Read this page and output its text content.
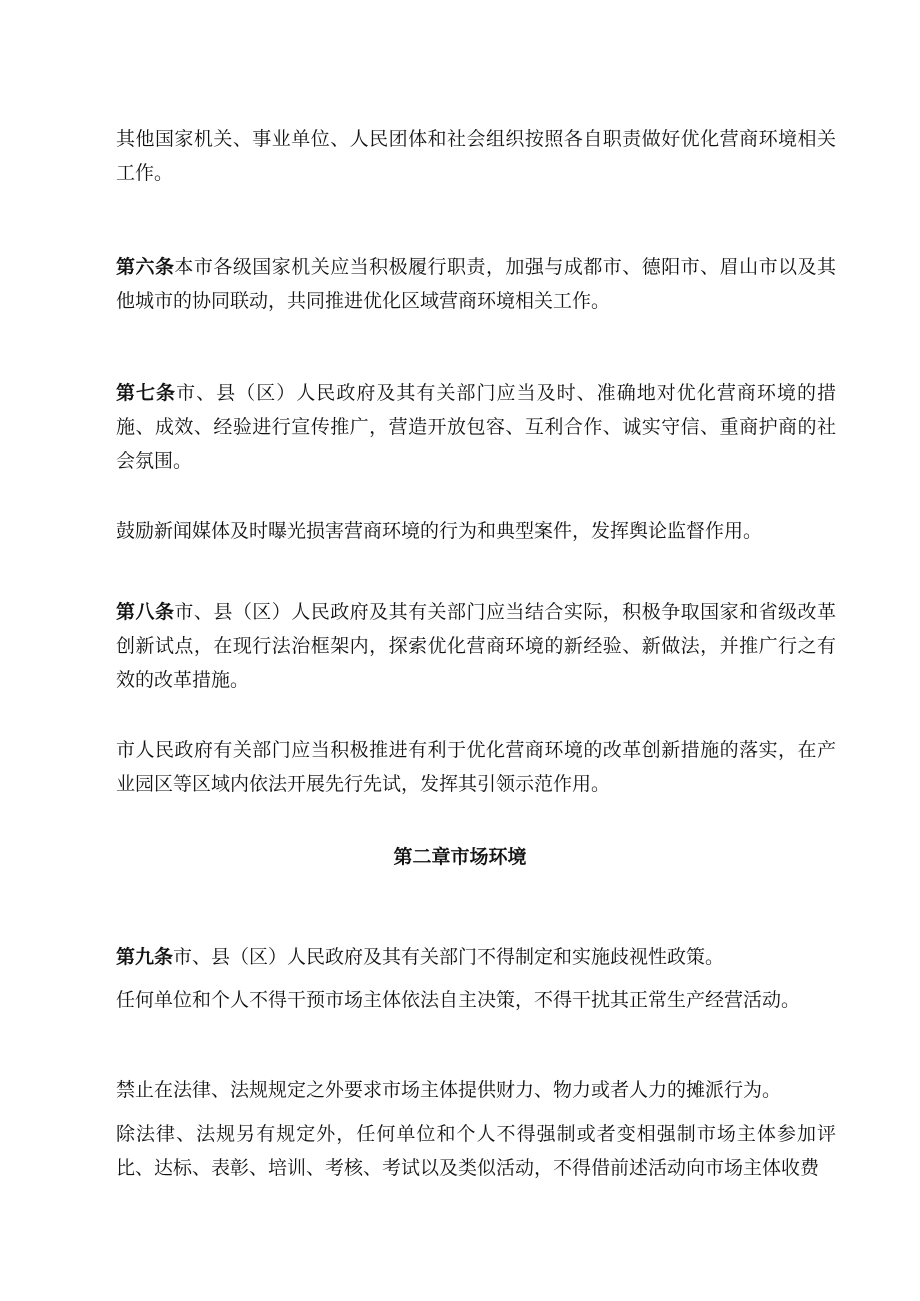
其他国家机关、事业单位、人民团体和社会组织按照各自职责做好优化营商环境相关工作。

第六条本市各级国家机关应当积极履行职责，加强与成都市、德阳市、眉山市以及其他城市的协同联动，共同推进优化区域营商环境相关工作。

第七条市、县（区）人民政府及其有关部门应当及时、准确地对优化营商环境的措施、成效、经验进行宣传推广，营造开放包容、互利合作、诚实守信、重商护商的社会氛围。

鼓励新闻媒体及时曝光损害营商环境的行为和典型案件，发挥舆论监督作用。

第八条市、县（区）人民政府及其有关部门应当结合实际，积极争取国家和省级改革创新试点，在现行法治框架内，探索优化营商环境的新经验、新做法，并推广行之有效的改革措施。

市人民政府有关部门应当积极推进有利于优化营商环境的改革创新措施的落实，在产业园区等区域内依法开展先行先试，发挥其引领示范作用。

第二章市场环境

第九条市、县（区）人民政府及其有关部门不得制定和实施歧视性政策。

任何单位和个人不得干预市场主体依法自主决策，不得干扰其正常生产经营活动。

禁止在法律、法规规定之外要求市场主体提供财力、物力或者人力的摊派行为。

除法律、法规另有规定外，任何单位和个人不得强制或者变相强制市场主体参加评比、达标、表彰、培训、考核、考试以及类似活动，不得借前述活动向市场主体收费
